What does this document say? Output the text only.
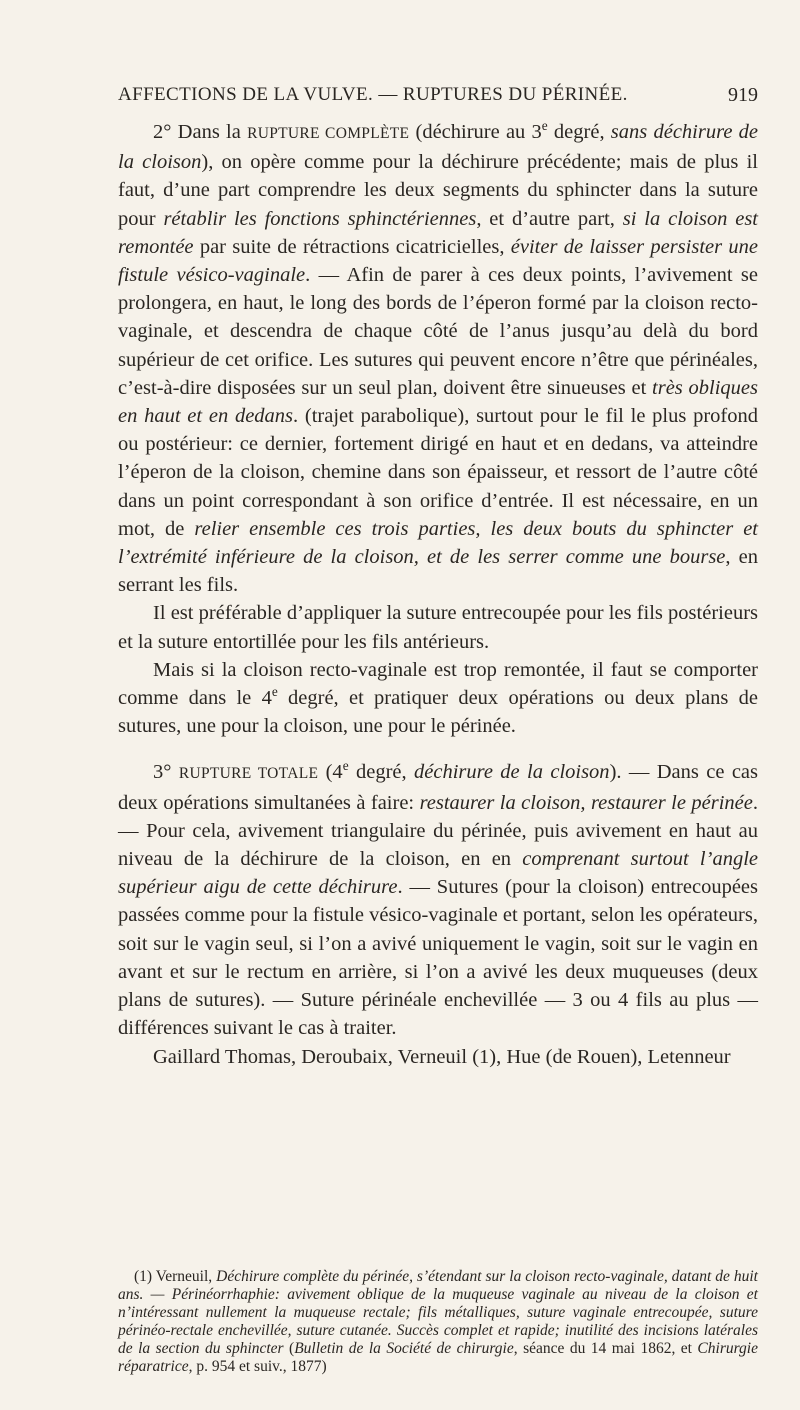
AFFECTIONS DE LA VULVE. — RUPTURES DU PÉRINÉE.	919

2° Dans la RUPTURE COMPLÈTE (déchirure au 3e degré, sans déchirure de la cloison), on opère comme pour la déchirure précédente; mais de plus il faut, d’une part comprendre les deux segments du sphincter dans la suture pour rétablir les fonctions sphinctériennes, et d’autre part, si la cloison est remontée par suite de rétractions cicatricielles, éviter de laisser persister une fistule vésico-vaginale. — Afin de parer à ces deux points, l’avivement se prolongera, en haut, le long des bords de l’éperon formé par la cloison recto-vaginale, et descendra de chaque côté de l’anus jusqu’au delà du bord supérieur de cet orifice. Les sutures qui peuvent encore n’être que périnéales, c’est-à-dire disposées sur un seul plan, doivent être sinueuses et très obliques en haut et en dedans. (trajet parabolique), surtout pour le fil le plus profond ou postérieur: ce dernier, fortement dirigé en haut et en dedans, va atteindre l’éperon de la cloison, chemine dans son épaisseur, et ressort de l’autre côté dans un point correspondant à son orifice d’entrée. Il est nécessaire, en un mot, de relier ensemble ces trois parties, les deux bouts du sphincter et l’extrémité inférieure de la cloison, et de les serrer comme une bourse, en serrant les fils.

Il est préférable d’appliquer la suture entrecoupée pour les fils postérieurs et la suture entortillée pour les fils antérieurs.

Mais si la cloison recto-vaginale est trop remontée, il faut se comporter comme dans le 4e degré, et pratiquer deux opérations ou deux plans de sutures, une pour la cloison, une pour le périnée.

3° RUPTURE TOTALE (4e degré, déchirure de la cloison). — Dans ce cas deux opérations simultanées à faire: restaurer la cloison, restaurer le périnée. — Pour cela, avivement triangulaire du périnée, puis avivement en haut au niveau de la déchirure de la cloison, en en comprenant surtout l’angle supérieur aigu de cette déchirure. — Sutures (pour la cloison) entrecoupées passées comme pour la fistule vésico-vaginale et portant, selon les opérateurs, soit sur le vagin seul, si l’on a avivé uniquement le vagin, soit sur le vagin en avant et sur le rectum en arrière, si l’on a avivé les deux muqueuses (deux plans de sutures). — Suture périnéale enchevillée — 3 ou 4 fils au plus — différences suivant le cas à traiter.

Gaillard Thomas, Deroubaix, Verneuil (1), Hue (de Rouen), Letenneur

(1) Verneuil, Déchirure complète du périnée, s’étendant sur la cloison recto-vaginale, datant de huit ans. — Périnéorrhaphie: avivement oblique de la muqueuse vaginale au niveau de la cloison et n’intéressant nullement la muqueuse rectale; fils métalliques, suture vaginale entrecoupée, suture périnéo-rectale enchevillée, suture cutanée. Succès complet et rapide; inutilité des incisions latérales de la section du sphincter (Bulletin de la Société de chirurgie, séance du 14 mai 1862, et Chirurgie réparatrice, p. 954 et suiv., 1877)
